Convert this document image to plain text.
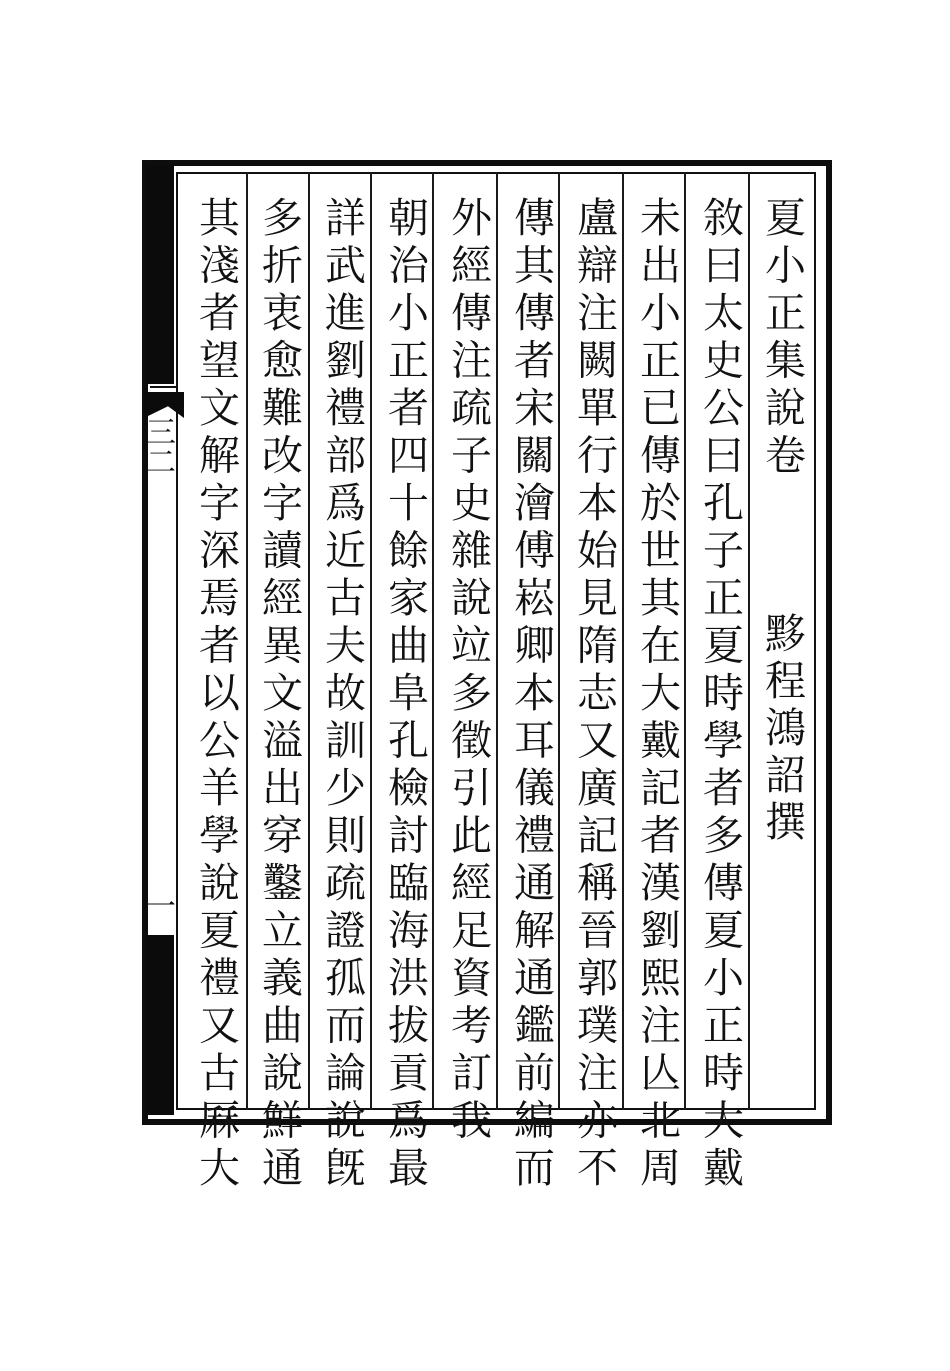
三二
一
夏小正集說卷
黟程鴻詔撰
敘曰太史公曰孔子正夏時學者多傳夏小正時大戴
未出小正已傳於世其在大戴記者漢劉熙注亾北周
盧辯注闕單行本始見隋志又廣記稱晉郭璞注亦不
傳其傳者宋關澮傅崧卿本耳儀禮通解通鑑前編而
外經傳注疏子史雜說竝多徵引此經足資考訂我
朝治小正者四十餘家曲阜孔檢討臨海洪拔貢爲最
詳武進劉禮部爲近古夫故訓少則疏證孤而論說旣
多折衷愈難改字讀經異文溢出穿鑿立義曲說鮮通
其淺者望文解字深焉者以公羊學說夏禮又古厤大
